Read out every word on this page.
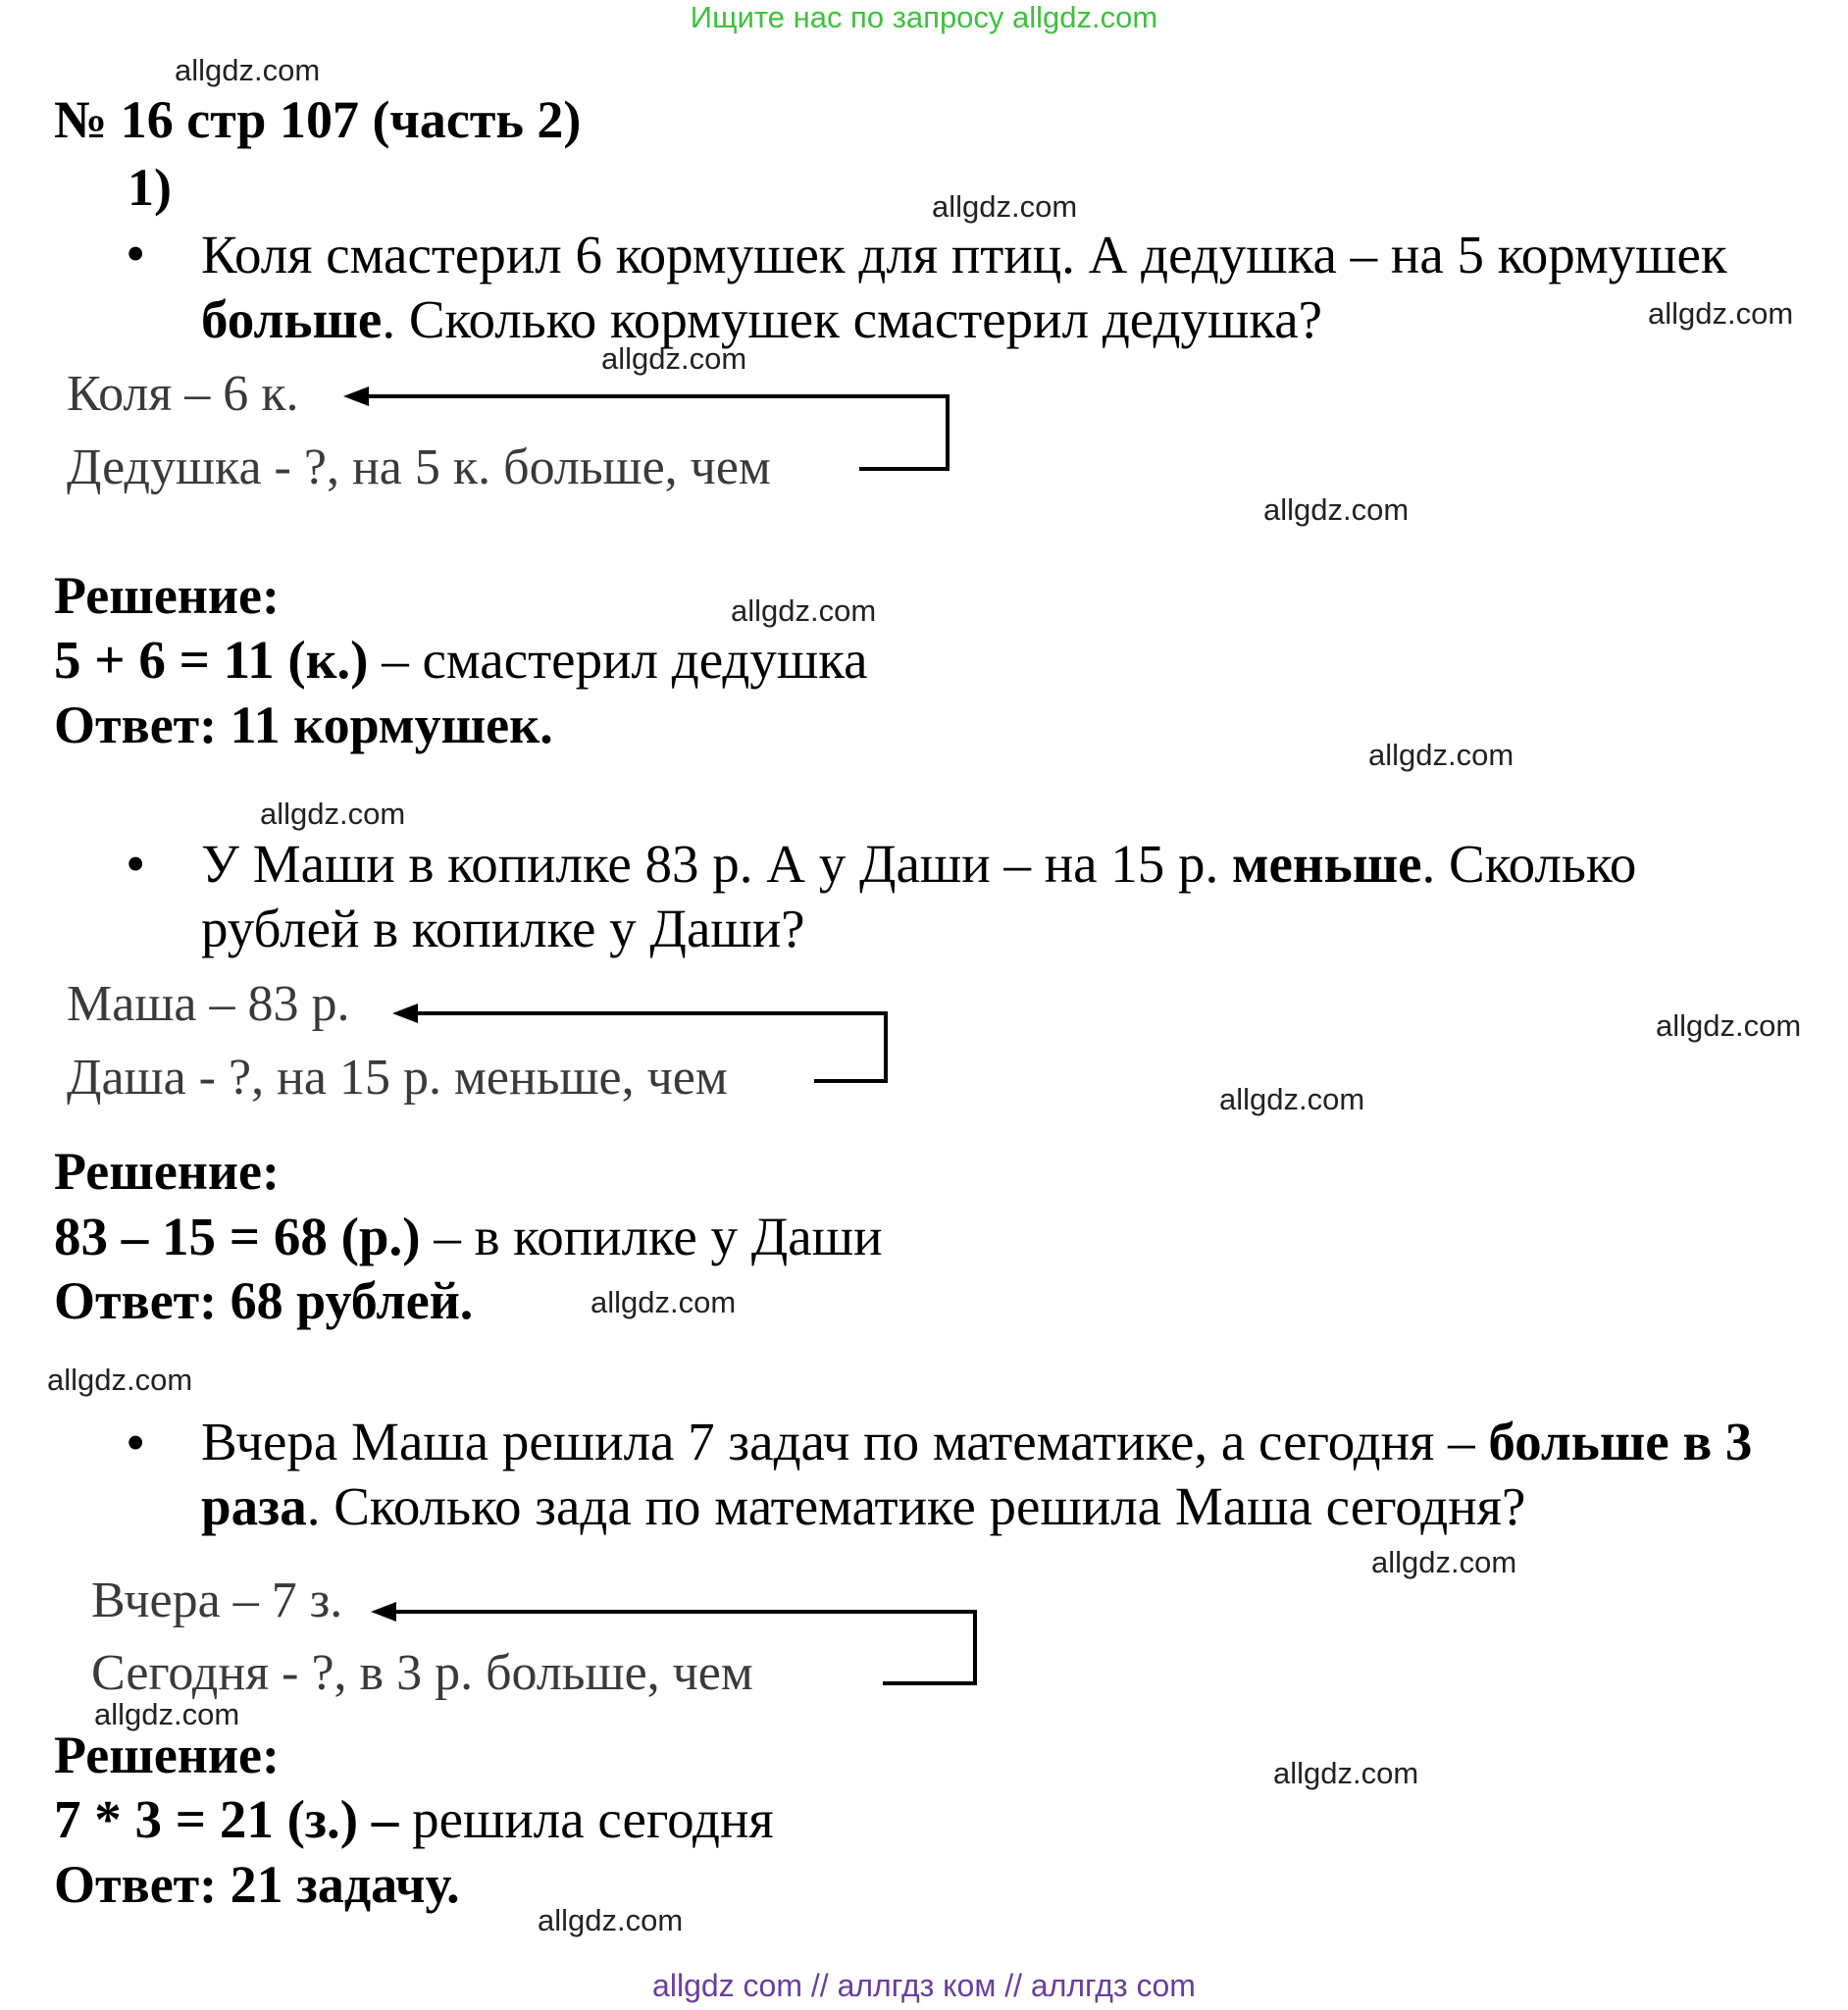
Ищите нас по запросу allgdz.com
allgdz com // аллгдз ком // аллгдз com
allgdz.com
allgdz.com
allgdz.com
allgdz.com
allgdz.com
allgdz.com
allgdz.com
allgdz.com
allgdz.com
allgdz.com
allgdz.com
allgdz.com
allgdz.com
allgdz.com
allgdz.com
allgdz.com
№ 16 стр 107 (часть 2)
1)
• Коля смастерил 6 кормушек для птиц. А дедушка – на 5 кормушек больше. Сколько кормушек смастерил дедушка?
Коля – 6 к.
Дедушка - ?, на 5 к. больше, чем
Решение:
5 + 6 = 11 (к.) – смастерил дедушка
Ответ: 11 кормушек.
• У Маши в копилке 83 р. А у Даши – на 15 р. меньше. Сколько рублей в копилке у Даши?
Маша – 83 р.
Даша - ?, на 15 р. меньше, чем
Решение:
83 – 15 = 68 (р.) – в копилке у Даши
Ответ: 68 рублей.
• Вчера Маша решила 7 задач по математике, а сегодня – больше в 3 раза. Сколько зада по математике решила Маша сегодня?
Вчера – 7 з.
Сегодня - ?, в 3 р. больше, чем
Решение:
7 * 3 = 21 (з.) – решила сегодня
Ответ: 21 задачу.
